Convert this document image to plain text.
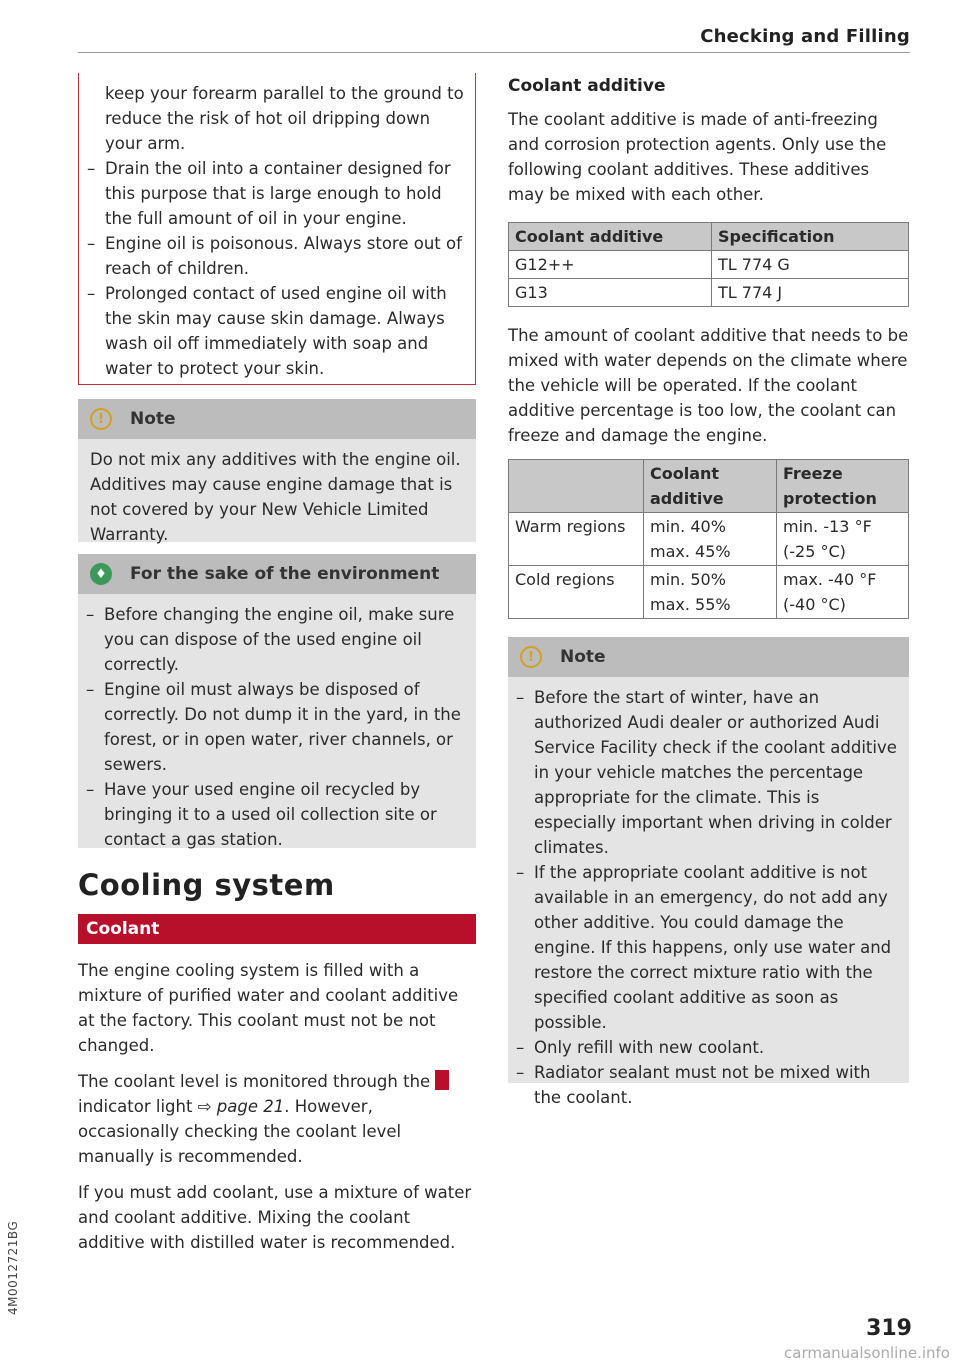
Checking and Filling

keep your forearm parallel to the ground to reduce the risk of hot oil dripping down your arm.

– Drain the oil into a container designed for this purpose that is large enough to hold the full amount of oil in your engine.
– Engine oil is poisonous. Always store out of reach of children.
– Prolonged contact of used engine oil with the skin may cause skin damage. Always wash oil off immediately with soap and water to protect your skin.
!	Note

Do not mix any additives with the engine oil. Additives may cause engine damage that is not covered by your New Vehicle Limited Warranty.

♦	For the sake of the environment
– Before changing the engine oil, make sure you can dispose of the used engine oil correctly.
– Engine oil must always be disposed of correctly. Do not dump it in the yard, in the forest, or in open water, river channels, or sewers.
– Have your used engine oil recycled by bringing it to a used oil collection site or contact a gas station.
Cooling system
Coolant

The engine cooling system is filled with a mixture of purified water and coolant additive at the factory. This coolant must not be not changed.

The coolant level is monitored through the  indicator light ⇨ page 21. However, occasionally checking the coolant level manually is recommended.

If you must add coolant, use a mixture of water and coolant additive. Mixing the coolant additive with distilled water is recommended.

Coolant additive

The coolant additive is made of anti-freezing and corrosion protection agents. Only use the following coolant additives. These additives may be mixed with each other.

Coolant additive	Specification
G12++	TL 774 G
G13	TL 774 J

The amount of coolant additive that needs to be mixed with water depends on the climate where the vehicle will be operated. If the coolant additive percentage is too low, the coolant can freeze and damage the engine.

	Coolant additive	Freeze protection
Warm regions	min. 40% max. 45%	min. -13 °F (-25 °C)
Cold regions	min. 50% max. 55%	max. -40 °F (-40 °C)
!	Note
– Before the start of winter, have an authorized Audi dealer or authorized Audi Service Facility check if the coolant additive in your vehicle matches the percentage appropriate for the climate. This is especially important when driving in colder climates.
– If the appropriate coolant additive is not available in an emergency, do not add any other additive. You could damage the engine. If this happens, only use water and restore the correct mixture ratio with the specified coolant additive as soon as possible.
– Only refill with new coolant.
– Radiator sealant must not be mixed with the coolant.
4M0012721BG
319
carmanualsonline.info
